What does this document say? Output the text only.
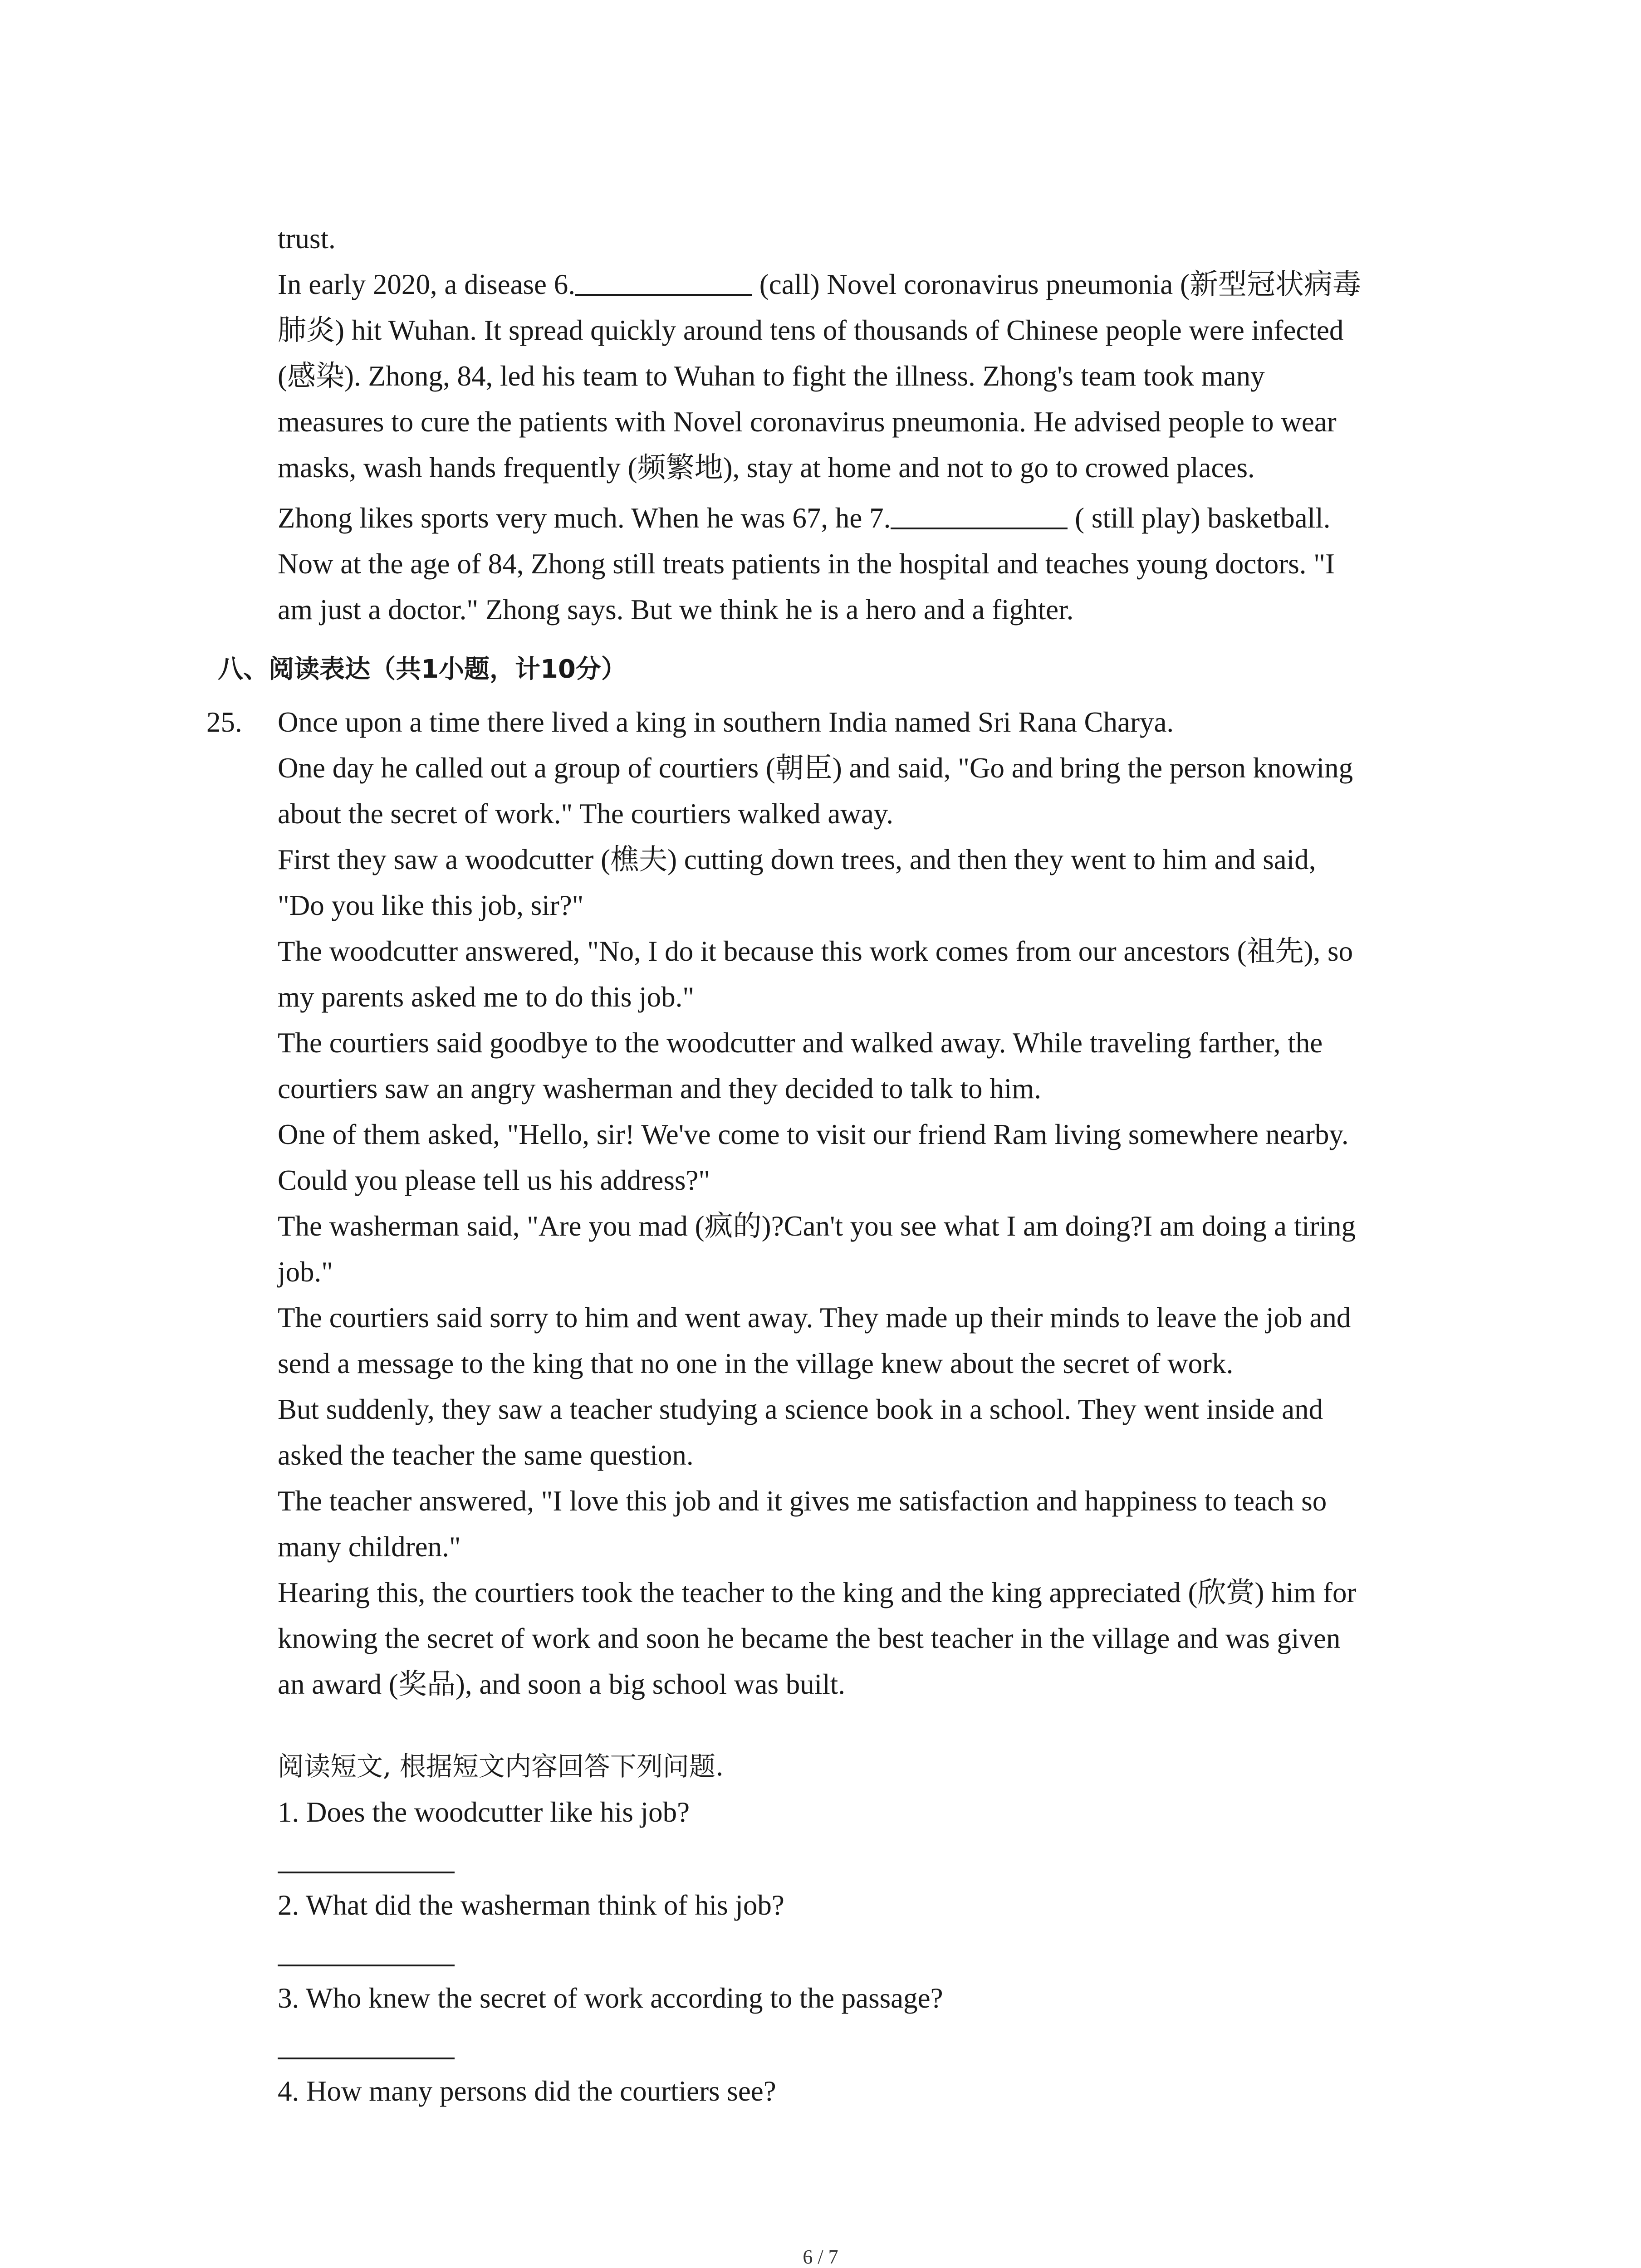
trust.
In early 2020, a disease 6.	(call) Novel coronavirus pneumonia (新型冠状病毒
肺炎) hit Wuhan. It spread quickly around tens of thousands of Chinese people were infected
(感染). Zhong, 84, led his team to Wuhan to fight the illness. Zhong's team took many
measures to cure the patients with Novel coronavirus pneumonia. He advised people to wear
masks, wash hands frequently (频繁地), stay at home and not to go to crowed places.
Zhong likes sports very much. When he was 67, he 7.	( still play) basketball.
Now at the age of 84, Zhong still treats patients in the hospital and teaches young doctors. "I
am just a doctor." Zhong says. But we think he is a hero and a fighter.
八、阅读表达（共1小题，计10分）
25. Once upon a time there lived a king in southern India named Sri Rana Charya.
One day he called out a group of courtiers (朝臣) and said, "Go and bring the person knowing
about the secret of work." The courtiers walked away.
First they saw a woodcutter (樵夫) cutting down trees, and then they went to him and said,
"Do you like this job, sir?"
The woodcutter answered, "No, I do it because this work comes from our ancestors (祖先), so
my parents asked me to do this job."
The courtiers said goodbye to the woodcutter and walked away. While traveling farther, the
courtiers saw an angry washerman and they decided to talk to him.
One of them asked, "Hello, sir! We've come to visit our friend Ram living somewhere nearby.
Could you please tell us his address?"
The washerman said, "Are you mad (疯的)?Can't you see what I am doing?I am doing a tiring
job."
The courtiers said sorry to him and went away. They made up their minds to leave the job and
send a message to the king that no one in the village knew about the secret of work.
But suddenly, they saw a teacher studying a science book in a school. They went inside and
asked the teacher the same question.
The teacher answered, "I love this job and it gives me satisfaction and happiness to teach so
many children."
Hearing this, the courtiers took the teacher to the king and the king appreciated (欣赏) him for
knowing the secret of work and soon he became the best teacher in the village and was given
an award (奖品), and soon a big school was built.
阅读短文, 根据短文内容回答下列问题.
1. Does the woodcutter like his job?
2. What did the washerman think of his job?
3. Who knew the secret of work according to the passage?
4. How many persons did the courtiers see?
6 / 7
